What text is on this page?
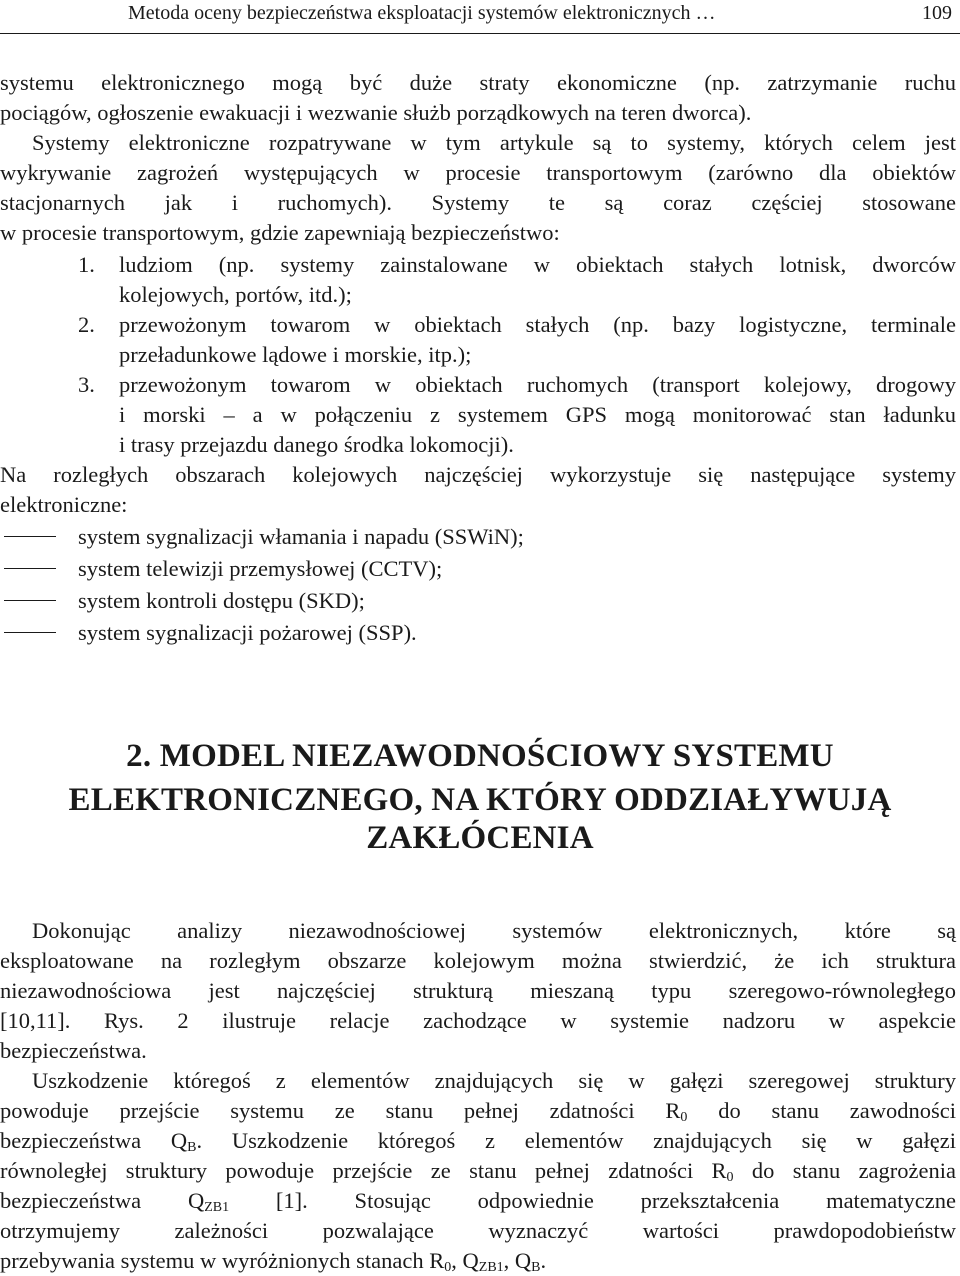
Metoda oceny bezpieczeństwa eksploatacji systemów elektronicznych …	109
systemu elektronicznego mogą być duże straty ekonomiczne (np. zatrzymanie ruchu
pociągów, ogłoszenie ewakuacji i wezwanie służb porządkowych na teren dworca).
Systemy elektroniczne rozpatrywane w tym artykule są to systemy, których celem jest
wykrywanie zagrożeń występujących w procesie transportowym (zarówno dla obiektów
stacjonarnych jak i ruchomych). Systemy te są coraz częściej stosowane
w procesie transportowym, gdzie zapewniają bezpieczeństwo:
1. ludziom (np. systemy zainstalowane w obiektach stałych lotnisk, dworców
kolejowych, portów, itd.);
2. przewożonym towarom w obiektach stałych (np. bazy logistyczne, terminale
przeładunkowe lądowe i morskie, itp.);
3. przewożonym towarom w obiektach ruchomych (transport kolejowy, drogowy
i morski – a w połączeniu z systemem GPS mogą monitorować stan ładunku
i trasy przejazdu danego środka lokomocji).
Na rozległych obszarach kolejowych najczęściej wykorzystuje się następujące systemy
elektroniczne:
system sygnalizacji włamania i napadu (SSWiN);
system telewizji przemysłowej (CCTV);
system kontroli dostępu (SKD);
system sygnalizacji pożarowej (SSP).
2. MODEL NIEZAWODNOŚCIOWY SYSTEMU
ELEKTRONICZNEGO, NA KTÓRY ODDZIAŁYWUJĄ
ZAKŁÓCENIA
Dokonując analizy niezawodnościowej systemów elektronicznych, które są
eksploatowane na rozległym obszarze kolejowym można stwierdzić, że ich struktura
niezawodnościowa jest najczęściej strukturą mieszaną typu szeregowo-równoległego
[10,11]. Rys. 2 ilustruje relacje zachodzące w systemie nadzoru w aspekcie
bezpieczeństwa.
Uszkodzenie któregoś z elementów znajdujących się w gałęzi szeregowej struktury
powoduje przejście systemu ze stanu pełnej zdatności $R_0$ do stanu zawodności
bezpieczeństwa $Q_B$. Uszkodzenie któregoś z elementów znajdujących się w gałęzi
równoległej struktury powoduje przejście ze stanu pełnej zdatności $R_0$ do stanu zagrożenia
bezpieczeństwa $Q_{ZB1}$ [1]. Stosując odpowiednie przekształcenia matematyczne
otrzymujemy zależności pozwalające wyznaczyć wartości prawdopodobieństw
przebywania systemu w wyróżnionych stanach $R_0$, $Q_{ZB1}$, $Q_B$.
